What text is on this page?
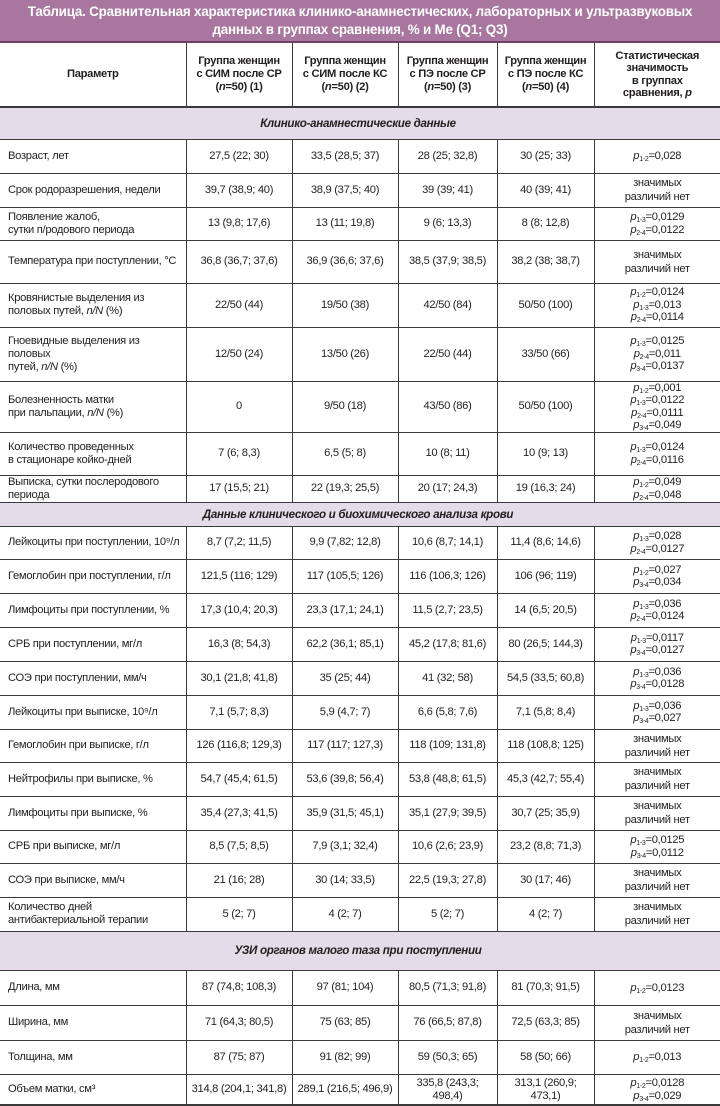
Таблица. Сравнительная характеристика клинико-анамнестических, лабораторных и ультразвуковых данных в группах сравнения, % и Ме (Q1; Q3)
Параметр	Группа женщин
с СИМ после СР
(n=50) (1)	Группа женщин
с СИМ после КС
(n=50) (2)	Группа женщин
с ПЭ после СР
(n=50) (3)	Группа женщин
с ПЭ после КС
(n=50) (4)	Статистическая
значимость
в группах
сравнения, p
Клинико-анамнестические данные					
Возраст, лет	27,5 (22; 30)	33,5 (28,5; 37)	28 (25; 32,8)	30 (25; 33)	$p_{1-2}=0,028$
Срок родоразрешения, недели	39,7 (38,9; 40)	38,9 (37,5; 40)	39 (39; 41)	40 (39; 41)	значимых
различий нет
Появление жалоб,
сутки п/родового периода	13 (9,8; 17,6)	13 (11; 19,8)	9 (6; 13,3)	8 (8; 12,8)	$p_{1-3}=0,0129$
$p_{2-4}=0,0122$
Температура при поступлении, °С	36,8 (36,7; 37,6)	36,9 (36,6; 37,6)	38,5 (37,9; 38,5)	38,2 (38; 38,7)	значимых
различий нет
Кровянистые выделения из
половых путей, n/N (%)	22/50 (44)	19/50 (38)	42/50 (84)	50/50 (100)	$p_{1-2}=0,0124$
$p_{1-3}=0,013$
$p_{2-4}=0,0114$
Гноевидные выделения из половых
путей, n/N (%)	12/50 (24)	13/50 (26)	22/50 (44)	33/50 (66)	$p_{1-3}=0,0125$
$p_{2-4}=0,011$
$p_{3-4}=0,0137$
Болезненность матки
при пальпации, n/N (%)	0	9/50 (18)	43/50 (86)	50/50 (100)	$p_{1-2}=0,001$
$p_{1-3}=0,0122$
$p_{2-4}=0,0111$
$p_{3-4}=0,049$
Количество проведенных
в стационаре койко-дней	7 (6; 8,3)	6,5 (5; 8)	10 (8; 11)	10 (9; 13)	$p_{1-3}=0,0124$
$p_{2-4}=0,0116$
Выписка, сутки послеродового
периода	17 (15,5; 21)	22 (19,3; 25,5)	20 (17; 24,3)	19 (16,3; 24)	$p_{1-2}=0,049$
$p_{2-4}=0,048$
Данные клинического и биохимического анализа крови					
Лейкоциты при поступлении, 10⁹/л	8,7 (7,2; 11,5)	9,9 (7,82; 12,8)	10,6 (8,7; 14,1)	11,4 (8,6; 14,6)	$p_{1-3}=0,028$
$p_{2-4}=0,0127$
Гемоглобин при поступлении, г/л	121,5 (116; 129)	117 (105,5; 126)	116 (106,3; 126)	106 (96; 119)	$p_{1-2}=0,027$
$p_{3-4}=0,034$
Лимфоциты при поступлении, %	17,3 (10,4; 20,3)	23,3 (17,1; 24,1)	11,5 (2,7; 23,5)	14 (6,5; 20,5)	$p_{1-3}=0,036$
$p_{2-4}=0,0124$
СРБ при поступлении, мг/л	16,3 (8; 54,3)	62,2 (36,1; 85,1)	45,2 (17,8; 81,6)	80 (26,5; 144,3)	$p_{1-3}=0,0117$
$p_{3-4}=0,0127$
СОЭ при поступлении, мм/ч	30,1 (21,8; 41,8)	35 (25; 44)	41 (32; 58)	54,5 (33,5; 60,8)	$p_{1-3}=0,036$
$p_{3-4}=0,0128$
Лейкоциты при выписке, 10⁹/л	7,1 (5,7; 8,3)	5,9 (4,7; 7)	6,6 (5,8; 7,6)	7,1 (5,8; 8,4)	$p_{1-3}=0,036$
$p_{3-4}=0,027$
Гемоглобин при выписке, г/л	126 (116,8; 129,3)	117 (117; 127,3)	118 (109; 131,8)	118 (108,8; 125)	значимых
различий нет
Нейтрофилы при выписке, %	54,7 (45,4; 61,5)	53,6 (39,8; 56,4)	53,8 (48,8; 61,5)	45,3 (42,7; 55,4)	значимых
различий нет
Лимфоциты при выписке, %	35,4 (27,3; 41,5)	35,9 (31,5; 45,1)	35,1 (27,9; 39,5)	30,7 (25; 35,9)	значимых
различий нет
СРБ при выписке, мг/л	8,5 (7,5; 8,5)	7,9 (3,1; 32,4)	10,6 (2,6; 23,9)	23,2 (8,8; 71,3)	$p_{1-3}=0,0125$
$p_{3-4}=0,0112$
СОЭ при выписке, мм/ч	21 (16; 28)	30 (14; 33,5)	22,5 (19,3; 27,8)	30 (17; 46)	значимых
различий нет
Количество дней
антибактериальной терапии	5 (2; 7)	4 (2; 7)	5 (2; 7)	4 (2; 7)	значимых
различий нет
УЗИ органов малого таза при поступлении					
Длина, мм	87 (74,8; 108,3)	97 (81; 104)	80,5 (71,3; 91,8)	81 (70,3; 91,5)	$p_{1-2}=0,0123$
Ширина, мм	71 (64,3; 80,5)	75 (63; 85)	76 (66,5; 87,8)	72,5 (63,3; 85)	значимых
различий нет
Толщина, мм	87 (75; 87)	91 (82; 99)	59 (50,3; 65)	58 (50; 66)	$p_{1-2}=0,013$
Объем матки, см³	314,8 (204,1; 341,8)	289,1 (216,5; 496,9)	335,8 (243,3; 498,4)	313,1 (260,9; 473,1)	$p_{1-2}=0,0128$
$p_{3-4}=0,029$
